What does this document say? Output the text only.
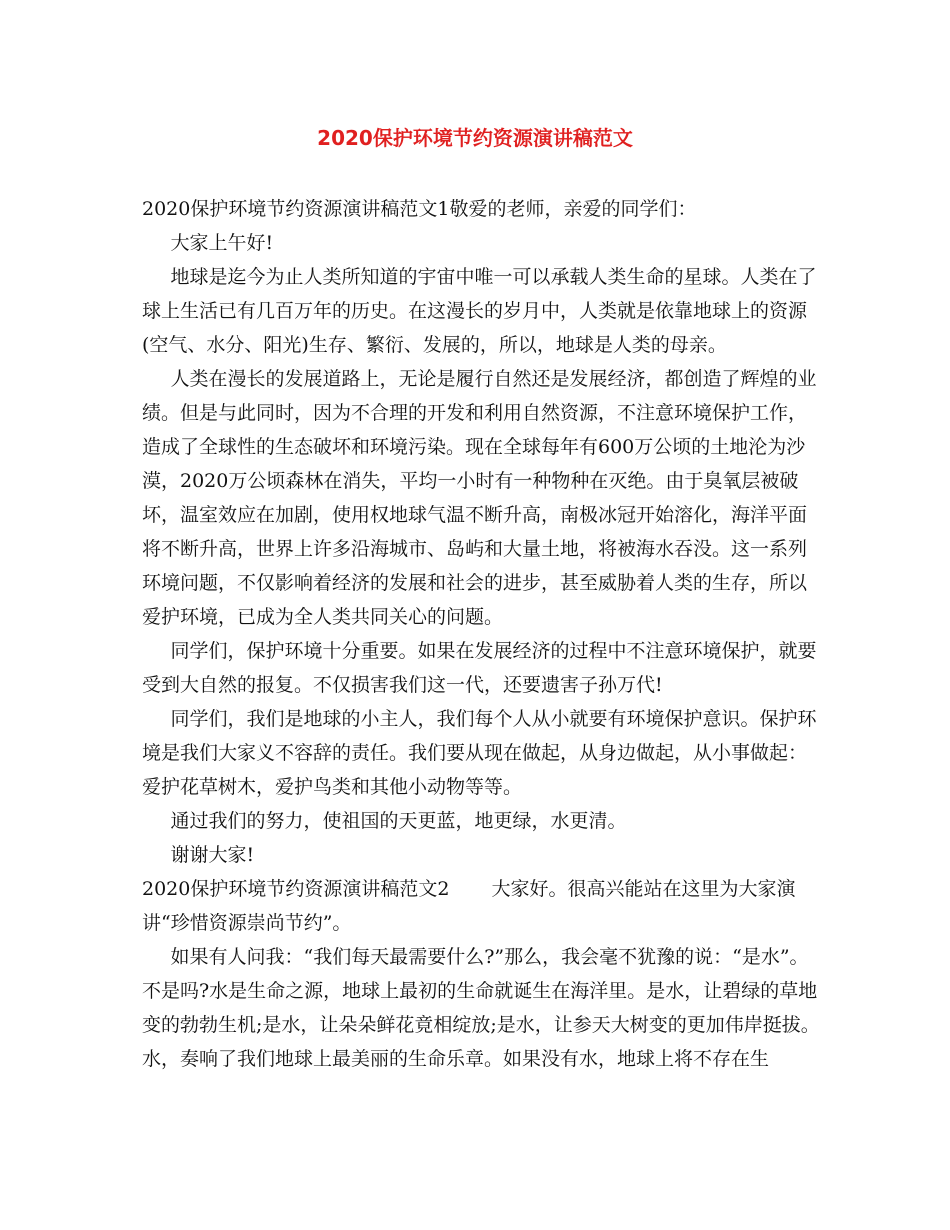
2020保护环境节约资源演讲稿范文

2020保护环境节约资源演讲稿范文1敬爱的老师，亲爱的同学们：

大家上午好!

地球是迄今为止人类所知道的宇宙中唯一可以承载人类生命的星球。人类在了球上生活已有几百万年的历史。在这漫长的岁月中，人类就是依靠地球上的资源(空气、水分、阳光)生存、繁衍、发展的，所以，地球是人类的母亲。

人类在漫长的发展道路上，无论是履行自然还是发展经济，都创造了辉煌的业绩。但是与此同时，因为不合理的开发和利用自然资源，不注意环境保护工作，造成了全球性的生态破坏和环境污染。现在全球每年有600万公顷的土地沦为沙漠，2020万公顷森林在消失，平均一小时有一种物种在灭绝。由于臭氧层被破坏，温室效应在加剧，使用权地球气温不断升高，南极冰冠开始溶化，海洋平面将不断升高，世界上许多沿海城市、岛屿和大量土地，将被海水吞没。这一系列环境问题，不仅影响着经济的发展和社会的进步，甚至威胁着人类的生存，所以爱护环境，已成为全人类共同关心的问题。

同学们，保护环境十分重要。如果在发展经济的过程中不注意环境保护，就要受到大自然的报复。不仅损害我们这一代，还要遗害子孙万代!

同学们，我们是地球的小主人，我们每个人从小就要有环境保护意识。保护环境是我们大家义不容辞的责任。我们要从现在做起，从身边做起，从小事做起：爱护花草树木，爱护鸟类和其他小动物等等。

通过我们的努力，使祖国的天更蓝，地更绿，水更清。

谢谢大家!

2020保护环境节约资源演讲稿范文2 大家好。很高兴能站在这里为大家演讲“珍惜资源崇尚节约”。

如果有人问我：“我们每天最需要什么?”那么，我会毫不犹豫的说：“是水”。不是吗?水是生命之源，地球上最初的生命就诞生在海洋里。是水，让碧绿的草地变的勃勃生机;是水，让朵朵鲜花竟相绽放;是水，让参天大树变的更加伟岸挺拔。水，奏响了我们地球上最美丽的生命乐章。如果没有水，地球上将不存在生
